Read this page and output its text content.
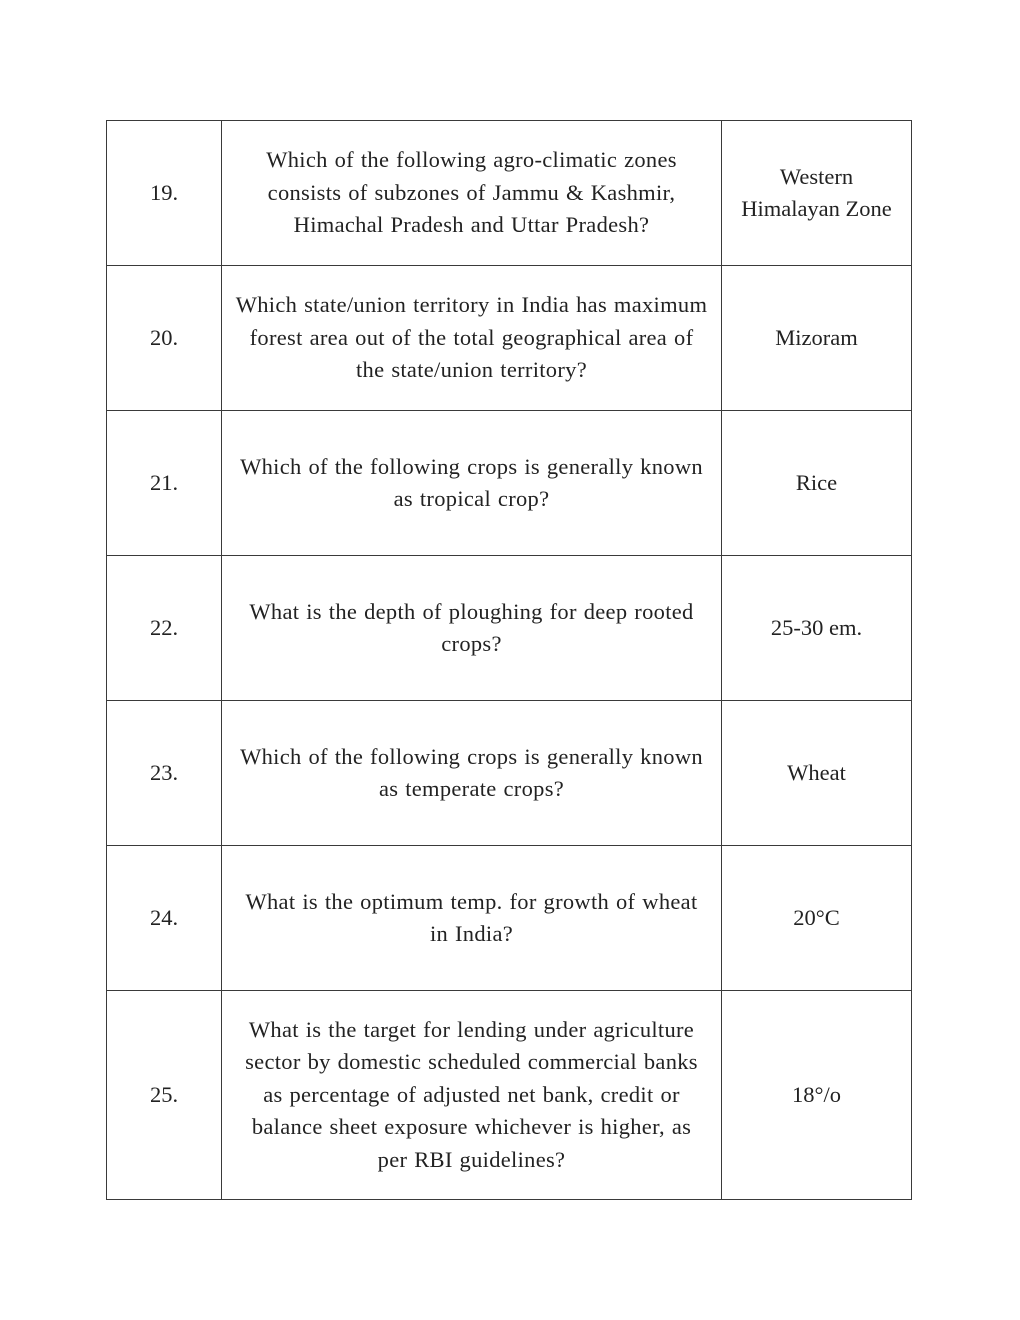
19.	Which of the following agro-climatic zones consists of subzones of Jammu & Kashmir, Himachal Pradesh and Uttar Pradesh?	Western Himalayan Zone
20.	Which state/union territory in India has maximum forest area out of the total geographical area of the state/union territory?	Mizoram
21.	Which of the following crops is generally known as tropical crop?	Rice
22.	What is the depth of ploughing for deep rooted crops?	25-30 em.
23.	Which of the following crops is generally known as temperate crops?	Wheat
24.	What is the optimum temp. for growth of wheat in India?	20°C
25.	What is the target for lending under agriculture sector by domestic scheduled commercial banks as percentage of adjusted net bank, credit or balance sheet exposure whichever is higher, as per RBI guidelines?	18°/o
